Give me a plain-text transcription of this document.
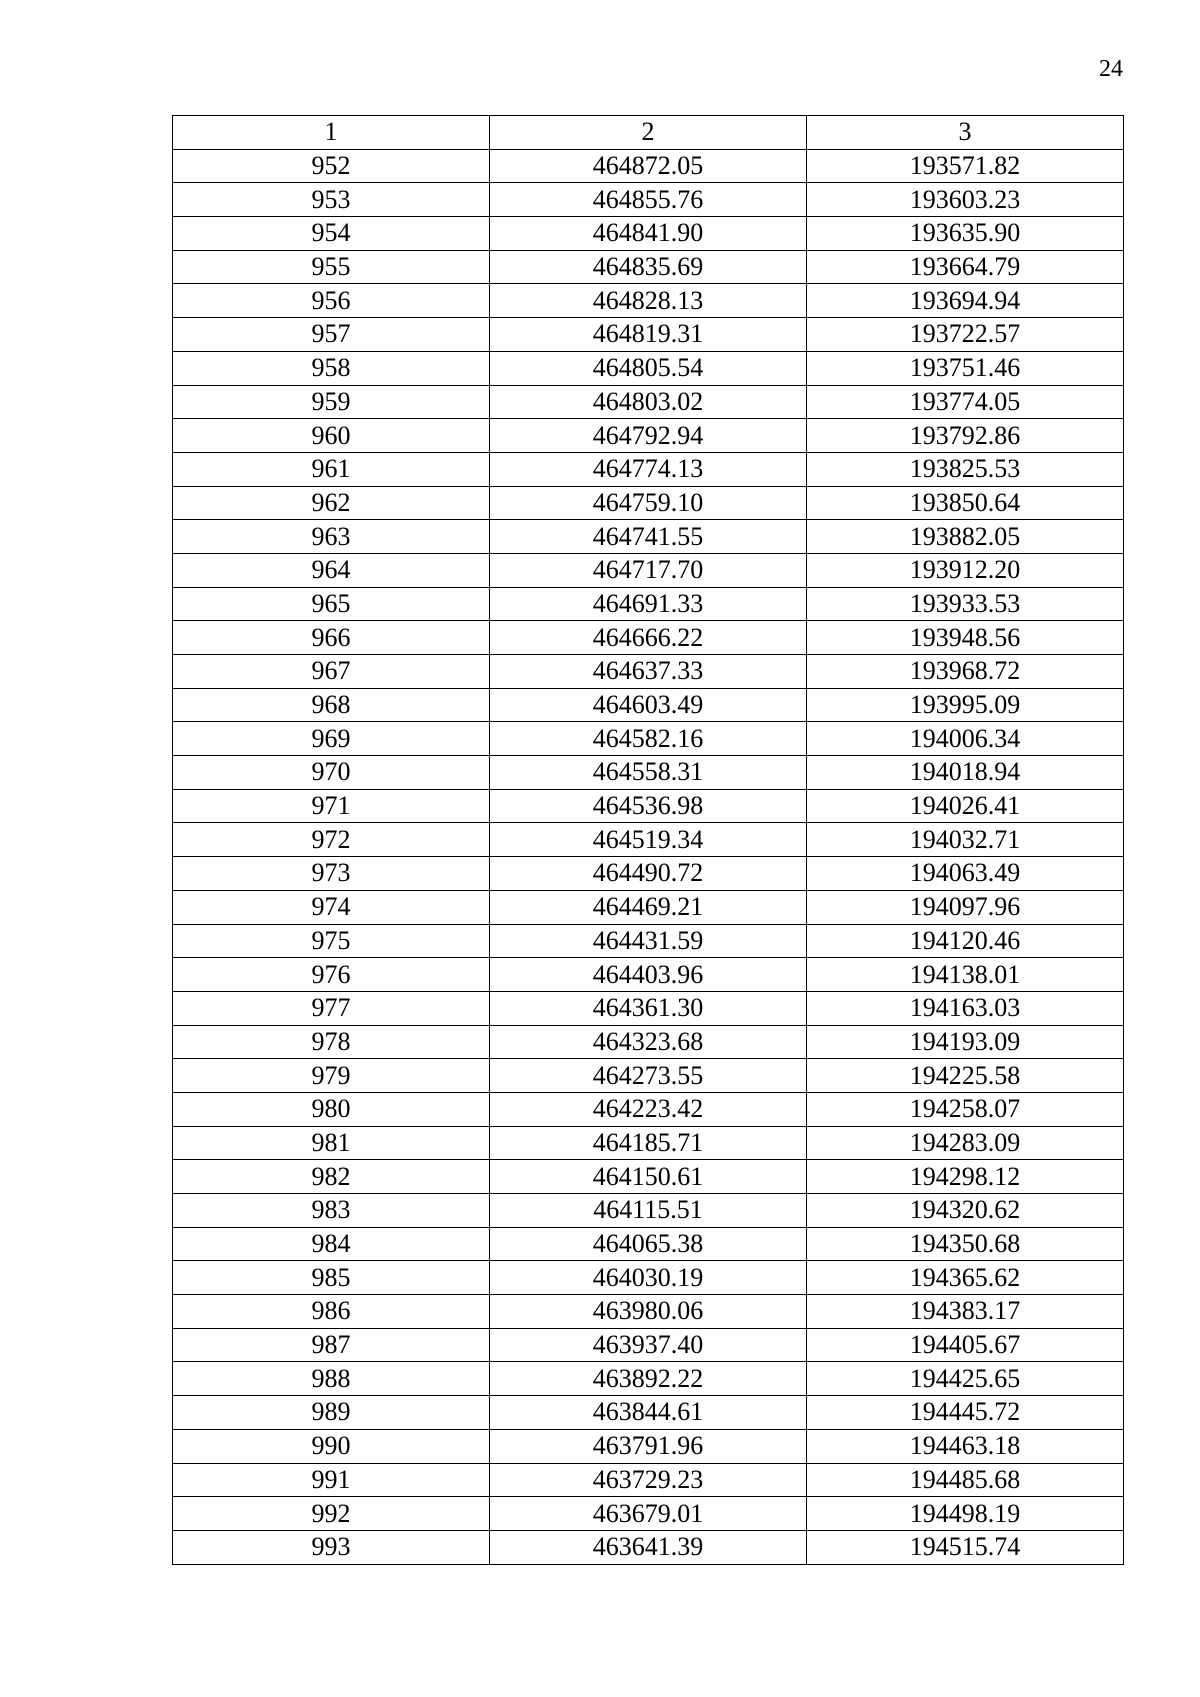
24
1	2	3
952	464872.05	193571.82
953	464855.76	193603.23
954	464841.90	193635.90
955	464835.69	193664.79
956	464828.13	193694.94
957	464819.31	193722.57
958	464805.54	193751.46
959	464803.02	193774.05
960	464792.94	193792.86
961	464774.13	193825.53
962	464759.10	193850.64
963	464741.55	193882.05
964	464717.70	193912.20
965	464691.33	193933.53
966	464666.22	193948.56
967	464637.33	193968.72
968	464603.49	193995.09
969	464582.16	194006.34
970	464558.31	194018.94
971	464536.98	194026.41
972	464519.34	194032.71
973	464490.72	194063.49
974	464469.21	194097.96
975	464431.59	194120.46
976	464403.96	194138.01
977	464361.30	194163.03
978	464323.68	194193.09
979	464273.55	194225.58
980	464223.42	194258.07
981	464185.71	194283.09
982	464150.61	194298.12
983	464115.51	194320.62
984	464065.38	194350.68
985	464030.19	194365.62
986	463980.06	194383.17
987	463937.40	194405.67
988	463892.22	194425.65
989	463844.61	194445.72
990	463791.96	194463.18
991	463729.23	194485.68
992	463679.01	194498.19
993	463641.39	194515.74
